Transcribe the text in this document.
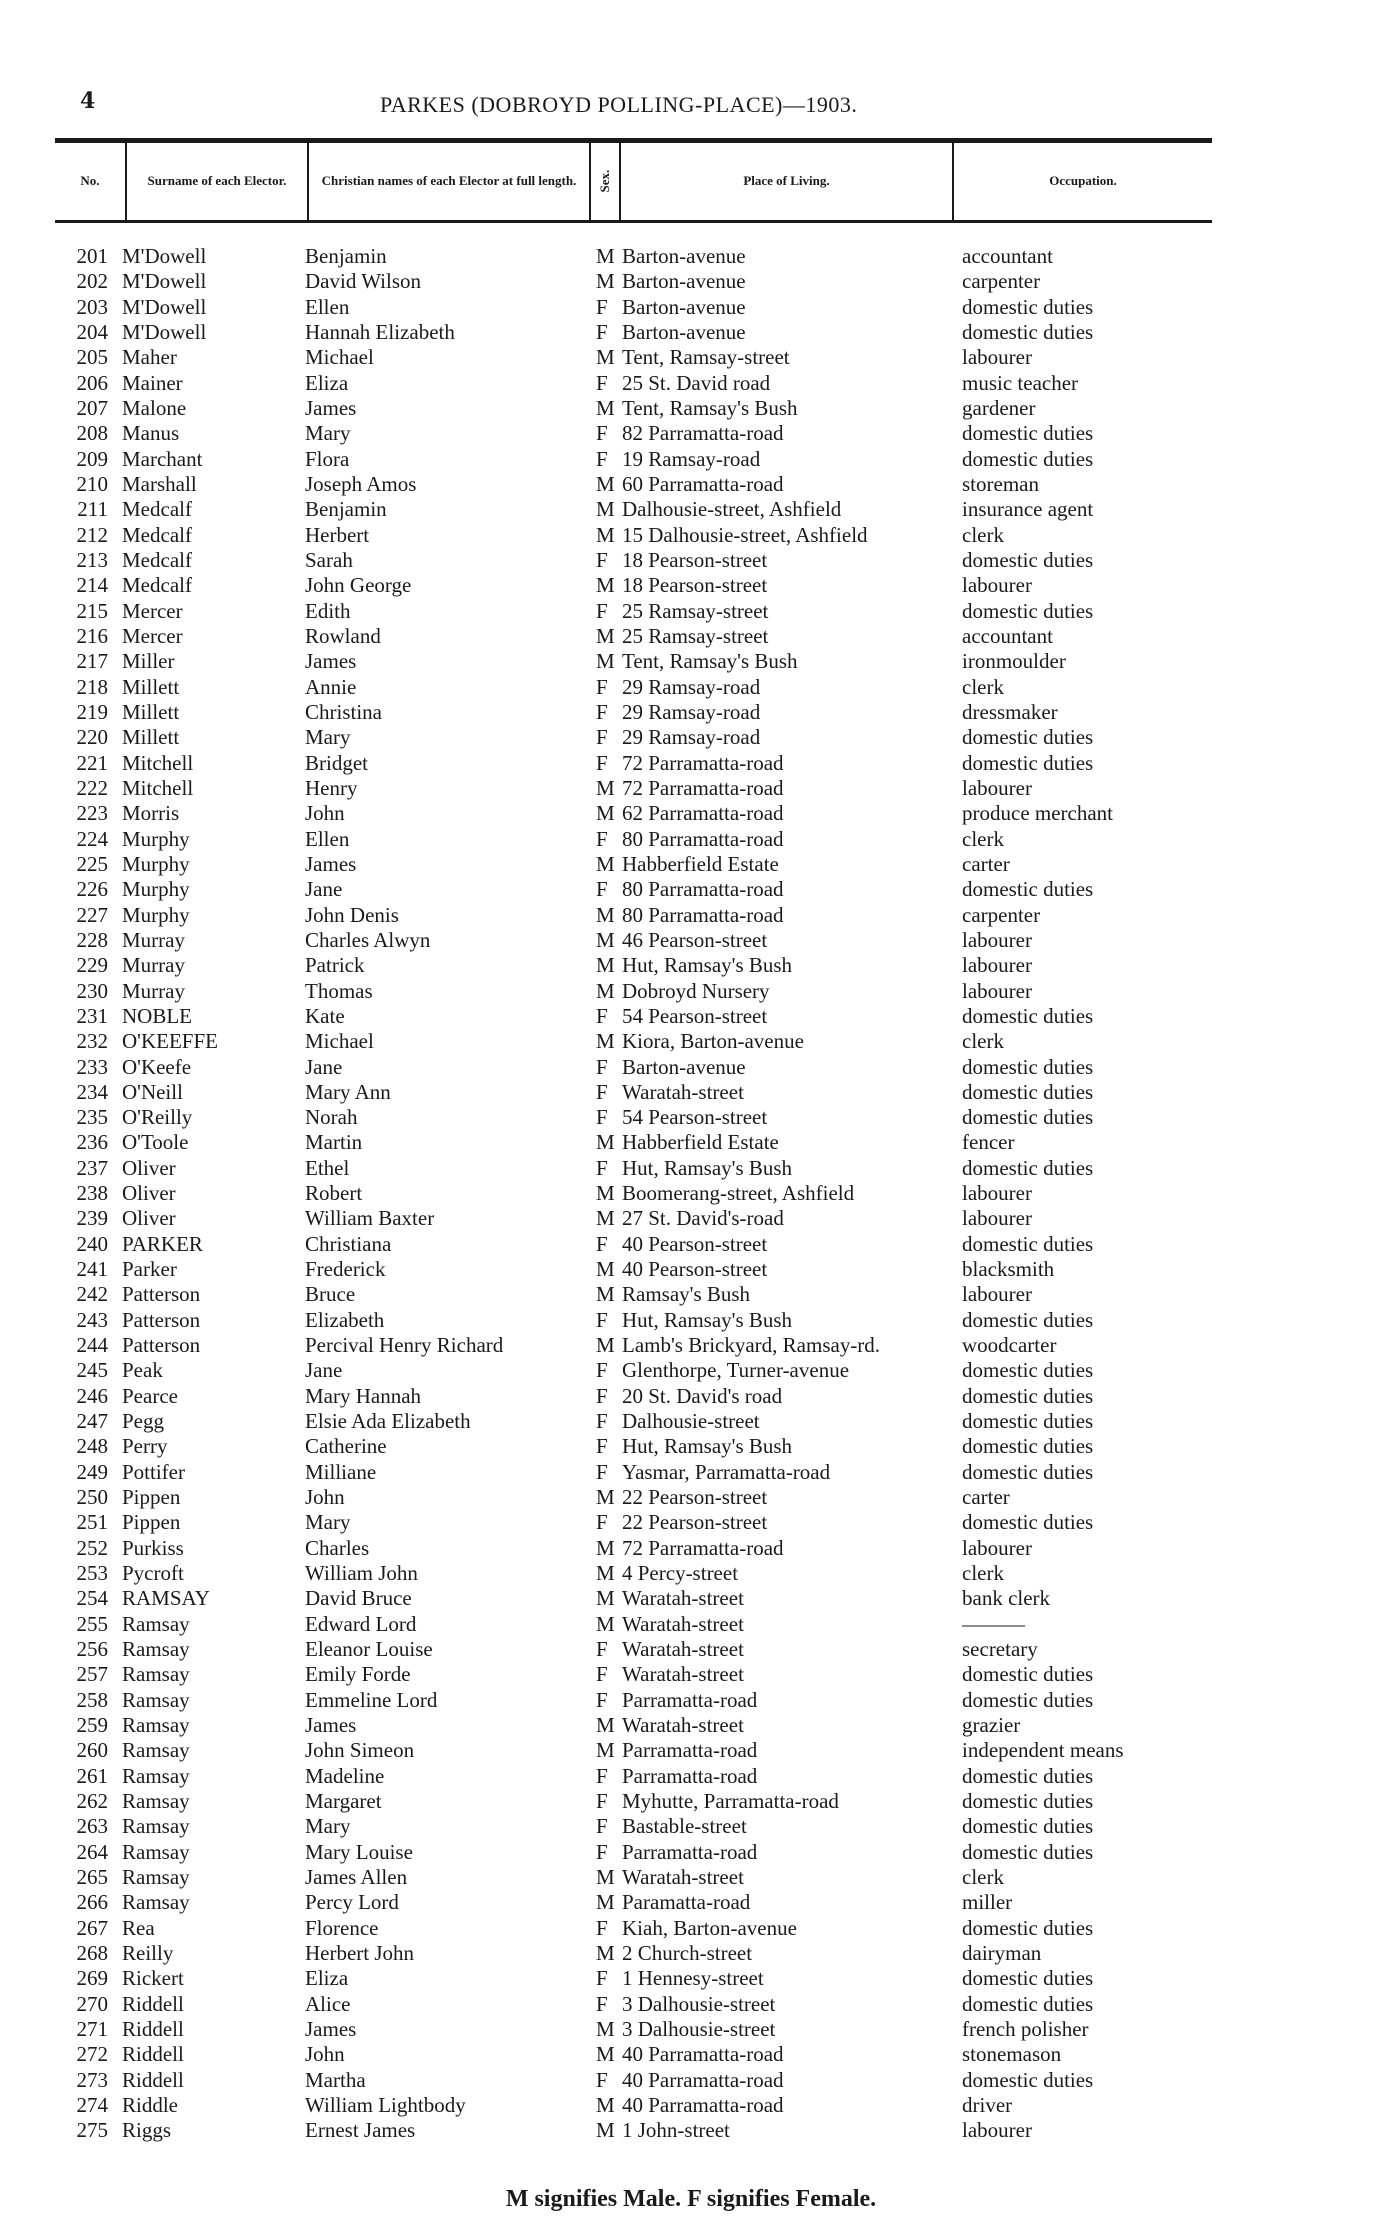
4	PARKES (DOBROYD POLLING-PLACE)—1903.
No.	Surname of each Elector.	Christian names of each Elector at full length.	Sex.	Place of Living.	Occupation.
201 M'Dowell	Benjamin	M Barton-avenue	accountant
202 M'Dowell	David Wilson	M Barton-avenue	carpenter
203 M'Dowell	Ellen	F Barton-avenue	domestic duties
204 M'Dowell	Hannah Elizabeth	F Barton-avenue	domestic duties
205 Maher	Michael	M Tent, Ramsay-street	labourer
206 Mainer	Eliza	F 25 St. David road	music teacher
207 Malone	James	M Tent, Ramsay's Bush	gardener
208 Manus	Mary	F 82 Parramatta-road	domestic duties
209 Marchant	Flora	F 19 Ramsay-road	domestic duties
210 Marshall	Joseph Amos	M 60 Parramatta-road	storeman
211 Medcalf	Benjamin	M Dalhousie-street, Ashfield	insurance agent
212 Medcalf	Herbert	M 15 Dalhousie-street, Ashfield	clerk
213 Medcalf	Sarah	F 18 Pearson-street	domestic duties
214 Medcalf	John George	M 18 Pearson-street	labourer
215 Mercer	Edith	F 25 Ramsay-street	domestic duties
216 Mercer	Rowland	M 25 Ramsay-street	accountant
217 Miller	James	M Tent, Ramsay's Bush	ironmoulder
218 Millett	Annie	F 29 Ramsay-road	clerk
219 Millett	Christina	F 29 Ramsay-road	dressmaker
220 Millett	Mary	F 29 Ramsay-road	domestic duties
221 Mitchell	Bridget	F 72 Parramatta-road	domestic duties
222 Mitchell	Henry	M 72 Parramatta-road	labourer
223 Morris	John	M 62 Parramatta-road	produce merchant
224 Murphy	Ellen	F 80 Parramatta-road	clerk
225 Murphy	James	M Habberfield Estate	carter
226 Murphy	Jane	F 80 Parramatta-road	domestic duties
227 Murphy	John Denis	M 80 Parramatta-road	carpenter
228 Murray	Charles Alwyn	M 46 Pearson-street	labourer
229 Murray	Patrick	M Hut, Ramsay's Bush	labourer
230 Murray	Thomas	M Dobroyd Nursery	labourer
231 NOBLE	Kate	F 54 Pearson-street	domestic duties
232 O'KEEFFE	Michael	M Kiora, Barton-avenue	clerk
233 O'Keefe	Jane	F Barton-avenue	domestic duties
234 O'Neill	Mary Ann	F Waratah-street	domestic duties
235 O'Reilly	Norah	F 54 Pearson-street	domestic duties
236 O'Toole	Martin	M Habberfield Estate	fencer
237 Oliver	Ethel	F Hut, Ramsay's Bush	domestic duties
238 Oliver	Robert	M Boomerang-street, Ashfield	labourer
239 Oliver	William Baxter	M 27 St. David's-road	labourer
240 PARKER	Christiana	F 40 Pearson-street	domestic duties
241 Parker	Frederick	M 40 Pearson-street	blacksmith
242 Patterson	Bruce	M Ramsay's Bush	labourer
243 Patterson	Elizabeth	F Hut, Ramsay's Bush	domestic duties
244 Patterson	Percival Henry Richard	M Lamb's Brickyard, Ramsay-rd.	woodcarter
245 Peak	Jane	F Glenthorpe, Turner-avenue	domestic duties
246 Pearce	Mary Hannah	F 20 St. David's road	domestic duties
247 Pegg	Elsie Ada Elizabeth	F Dalhousie-street	domestic duties
248 Perry	Catherine	F Hut, Ramsay's Bush	domestic duties
249 Pottifer	Milliane	F Yasmar, Parramatta-road	domestic duties
250 Pippen	John	M 22 Pearson-street	carter
251 Pippen	Mary	F 22 Pearson-street	domestic duties
252 Purkiss	Charles	M 72 Parramatta-road	labourer
253 Pycroft	William John	M 4 Percy-street	clerk
254 RAMSAY	David Bruce	M Waratah-street	bank clerk
255 Ramsay	Edward Lord	M Waratah-street	———
256 Ramsay	Eleanor Louise	F Waratah-street	secretary
257 Ramsay	Emily Forde	F Waratah-street	domestic duties
258 Ramsay	Emmeline Lord	F Parramatta-road	domestic duties
259 Ramsay	James	M Waratah-street	grazier
260 Ramsay	John Simeon	M Parramatta-road	independent means
261 Ramsay	Madeline	F Parramatta-road	domestic duties
262 Ramsay	Margaret	F Myhutte, Parramatta-road	domestic duties
263 Ramsay	Mary	F Bastable-street	domestic duties
264 Ramsay	Mary Louise	F Parramatta-road	domestic duties
265 Ramsay	James Allen	M Waratah-street	clerk
266 Ramsay	Percy Lord	M Paramatta-road	miller
267 Rea	Florence	F Kiah, Barton-avenue	domestic duties
268 Reilly	Herbert John	M 2 Church-street	dairyman
269 Rickert	Eliza	F 1 Hennesy-street	domestic duties
270 Riddell	Alice	F 3 Dalhousie-street	domestic duties
271 Riddell	James	M 3 Dalhousie-street	french polisher
272 Riddell	John	M 40 Parramatta-road	stonemason
273 Riddell	Martha	F 40 Parramatta-road	domestic duties
274 Riddle	William Lightbody	M 40 Parramatta-road	driver
275 Riggs	Ernest James	M 1 John-street	labourer
M signifies Male. F signifies Female.
